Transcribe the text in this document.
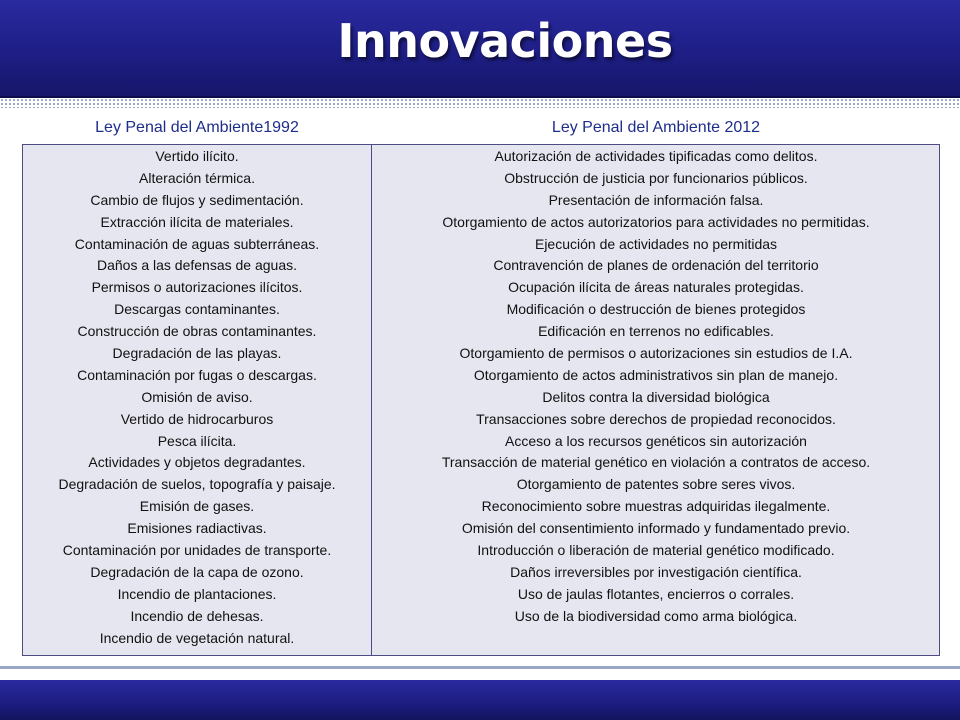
Innovaciones
Ley Penal del Ambiente1992	Ley Penal del Ambiente 2012
Vertido ilícito.
Alteración térmica.
Cambio de flujos y sedimentación.
Extracción ilícita de materiales.
Contaminación de aguas subterráneas.
Daños a las defensas de aguas.
Permisos o autorizaciones ilícitos.
Descargas contaminantes.
Construcción de obras contaminantes.
Degradación de las playas.
Contaminación por fugas o descargas.
Omisión de aviso.
Vertido de hidrocarburos
Pesca ilícita.
Actividades y objetos degradantes.
Degradación de suelos, topografía y paisaje.
Emisión de gases.
Emisiones radiactivas.
Contaminación por unidades de transporte.
Degradación de la capa de ozono.
Incendio de plantaciones.
Incendio de dehesas.
Incendio de vegetación natural.
Autorización de actividades tipificadas como delitos.
Obstrucción de justicia por funcionarios públicos.
Presentación de información falsa.
Otorgamiento de actos autorizatorios para actividades no permitidas.
Ejecución de actividades no permitidas
Contravención de planes de ordenación del territorio
Ocupación ilícita de áreas naturales protegidas.
Modificación o destrucción de bienes protegidos
Edificación en terrenos no edificables.
Otorgamiento de permisos o autorizaciones sin estudios de I.A.
Otorgamiento de actos administrativos sin plan de manejo.
Delitos contra la diversidad biológica
Transacciones sobre derechos de propiedad reconocidos.
Acceso a los recursos genéticos sin autorización
Transacción de material genético en violación a contratos de acceso.
Otorgamiento de patentes sobre seres vivos.
Reconocimiento sobre muestras adquiridas ilegalmente.
Omisión del consentimiento informado y fundamentado previo.
Introducción o liberación de material genético modificado.
Daños irreversibles por investigación científica.
Uso de jaulas flotantes, encierros o corrales.
Uso de la biodiversidad como arma biológica.
